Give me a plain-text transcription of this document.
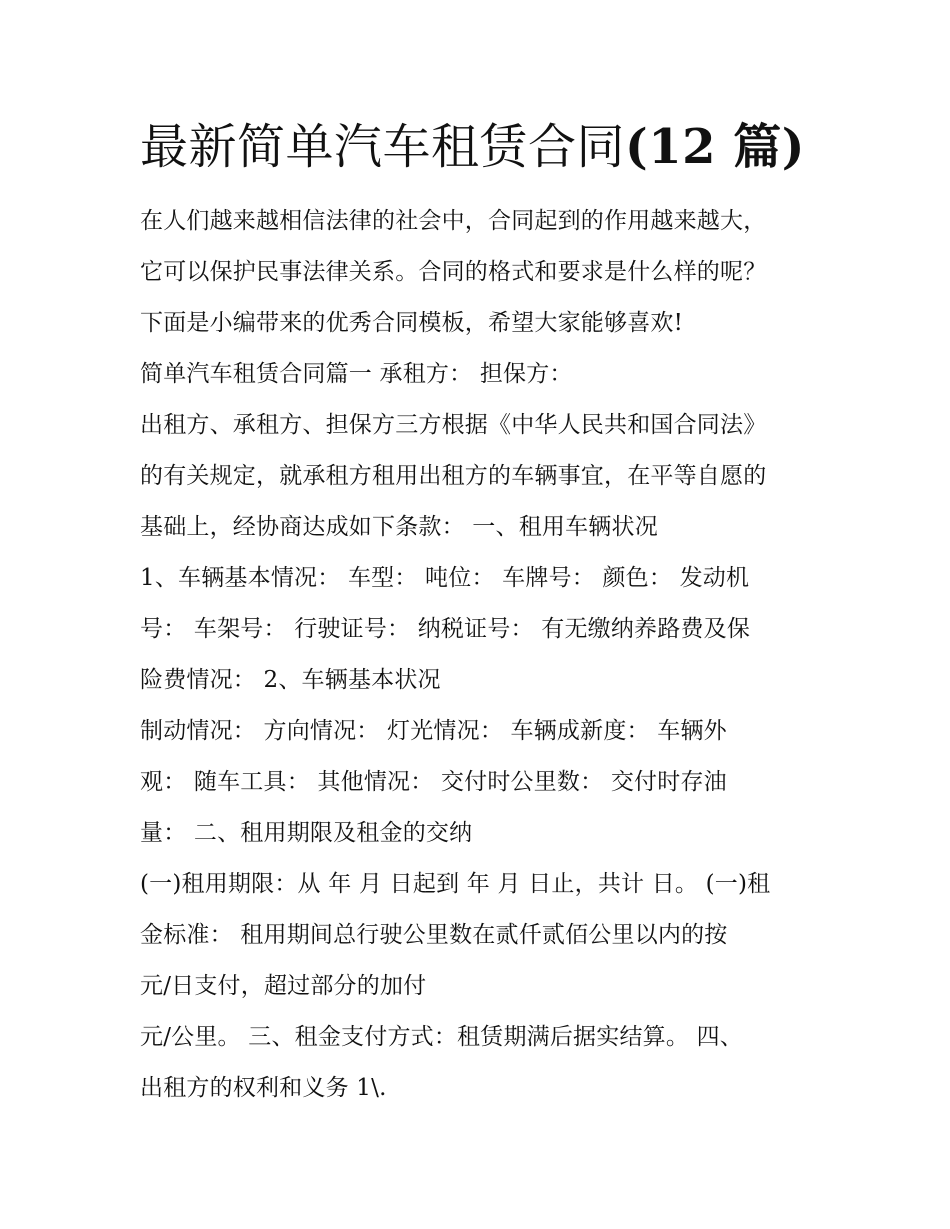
最新简单汽车租赁合同(12 篇)
在人们越来越相信法律的社会中，合同起到的作用越来越大，
它可以保护民事法律关系。合同的格式和要求是什么样的呢？
下面是小编带来的优秀合同模板，希望大家能够喜欢!
简单汽车租赁合同篇一 承租方： 担保方：
出租方、承租方、担保方三方根据《中华人民共和国合同法》
的有关规定，就承租方租用出租方的车辆事宜，在平等自愿的
基础上，经协商达成如下条款： 一、租用车辆状况
1、车辆基本情况： 车型： 吨位： 车牌号： 颜色： 发动机
号： 车架号： 行驶证号： 纳税证号： 有无缴纳养路费及保
险费情况： 2、车辆基本状况
制动情况： 方向情况： 灯光情况： 车辆成新度： 车辆外
观： 随车工具： 其他情况： 交付时公里数： 交付时存油
量： 二、租用期限及租金的交纳
(一)租用期限：从 年 月 日起到 年 月 日止，共计 日。 (一)租
金标准： 租用期间总行驶公里数在贰仟贰佰公里以内的按
元/日支付，超过部分的加付
元/公里。 三、租金支付方式：租赁期满后据实结算。 四、
出租方的权利和义务 1\.
